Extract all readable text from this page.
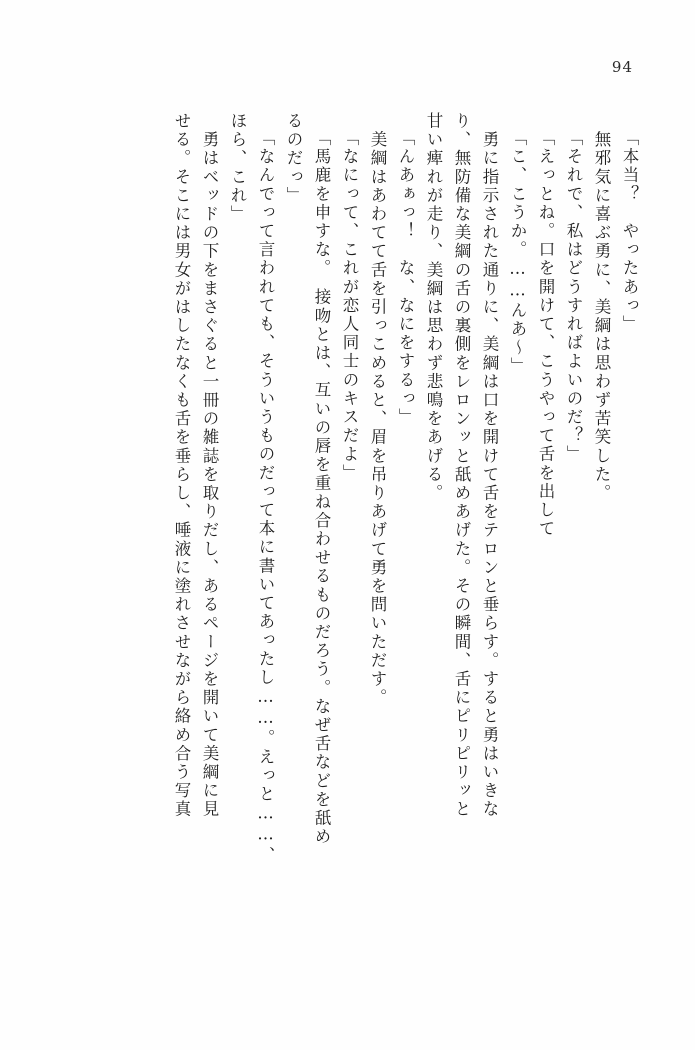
94
「本当？　やったあっ」
　無邪気に喜ぶ勇に、美綱は思わず苦笑した。
「それで、私はどうすればよいのだ？」
「えっとね。口を開けて、こうやって舌を出して
「こ、こうか。……んあ〜」
　勇に指示された通りに、美綱は口を開けて舌をテロンと垂らす。すると勇はいきな
り、無防備な美綱の舌の裏側をレロンッと舐めあげた。その瞬間、舌にピリピリッと
甘い痺れが走り、美綱は思わず悲鳴をあげる。
「んあぁっ！　な、なにをするっ」
　美綱はあわてて舌を引っこめると、眉を吊りあげて勇を問いただす。
「なにって、これが恋人同士のキスだよ」
「馬鹿を申すな。　接吻とは、互いの唇を重ね合わせるものだろう。なぜ舌などを舐め
るのだっ」
「なんでって言われても、そういうものだって本に書いてあったし……。えっと……、
ほら、これ」
　勇はベッドの下をまさぐると一冊の雑誌を取りだし、あるページを開いて美綱に見
せる。そこには男女がはしたなくも舌を垂らし、唾液に塗れさせながら絡め合う写真
